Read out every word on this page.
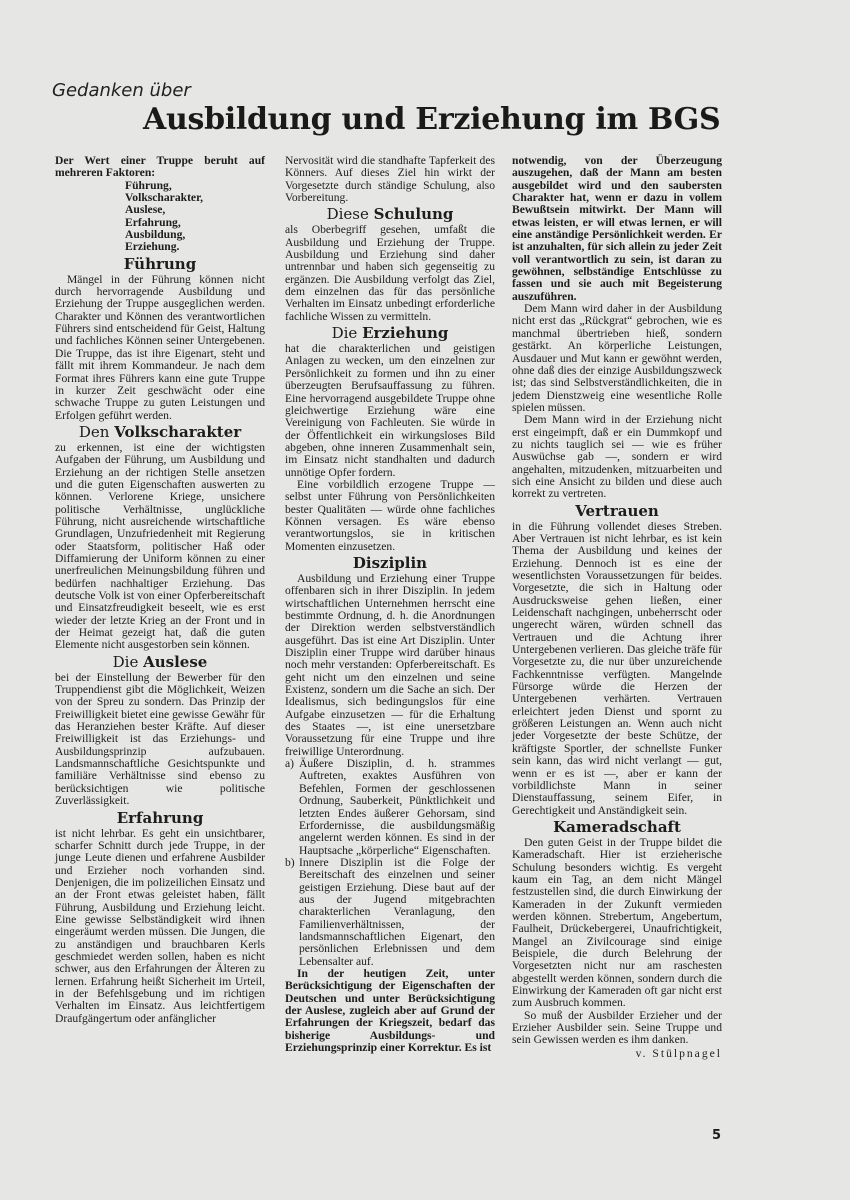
Gedanken über
Ausbildung und Erziehung im BGS

Der Wert einer Truppe beruht auf mehreren Faktoren:

Führung,
Volkscharakter,
Auslese,
Erfahrung,
Ausbildung,
Erziehung.
Führung

Mängel in der Führung können nicht durch hervorragende Ausbildung und Erziehung der Truppe ausgeglichen werden. Charakter und Können des verantwortlichen Führers sind entscheidend für Geist, Haltung und fachliches Können seiner Untergebenen. Die Truppe, das ist ihre Eigenart, steht und fällt mit ihrem Kommandeur. Je nach dem Format ihres Führers kann eine gute Truppe in kurzer Zeit geschwächt oder eine schwache Truppe zu guten Leistungen und Erfolgen geführt werden.

Den Volkscharakter

zu erkennen, ist eine der wichtigsten Aufgaben der Führung, um Ausbildung und Erziehung an der richtigen Stelle ansetzen und die guten Eigenschaften auswerten zu können. Verlorene Kriege, unsichere politische Verhältnisse, unglückliche Führung, nicht ausreichende wirtschaftliche Grundlagen, Unzufriedenheit mit Regierung oder Staatsform, politischer Haß oder Diffamierung der Uniform können zu einer unerfreulichen Meinungsbildung führen und bedürfen nachhaltiger Erziehung. Das deutsche Volk ist von einer Opferbereitschaft und Einsatzfreudigkeit beseelt, wie es erst wieder der letzte Krieg an der Front und in der Heimat gezeigt hat, daß die guten Elemente nicht ausgestorben sein können.

Die Auslese

bei der Einstellung der Bewerber für den Truppendienst gibt die Möglichkeit, Weizen von der Spreu zu sondern. Das Prinzip der Freiwilligkeit bietet eine gewisse Gewähr für das Heranziehen bester Kräfte. Auf dieser Freiwilligkeit ist das Erziehungs- und Ausbildungsprinzip aufzubauen. Landsmannschaftliche Gesichtspunkte und familiäre Verhältnisse sind ebenso zu berücksichtigen wie politische Zuverlässigkeit.

Erfahrung

ist nicht lehrbar. Es geht ein unsichtbarer, scharfer Schnitt durch jede Truppe, in der junge Leute dienen und erfahrene Ausbilder und Erzieher noch vorhanden sind. Denjenigen, die im polizeilichen Einsatz und an der Front etwas geleistet haben, fällt Führung, Ausbildung und Erziehung leicht. Eine gewisse Selbständigkeit wird ihnen eingeräumt werden müssen. Die Jungen, die zu anständigen und brauchbaren Kerls geschmiedet werden sollen, haben es nicht schwer, aus den Erfahrungen der Älteren zu lernen. Erfahrung heißt Sicherheit im Urteil, in der Befehlsgebung und im richtigen Verhalten im Einsatz. Aus leichtfertigem Draufgängertum oder anfänglicher

Nervosität wird die standhafte Tapferkeit des Könners. Auf dieses Ziel hin wirkt der Vorgesetzte durch ständige Schulung, also Vorbereitung.

Diese Schulung

als Oberbegriff gesehen, umfaßt die Ausbildung und Erziehung der Truppe. Ausbildung und Erziehung sind daher untrennbar und haben sich gegenseitig zu ergänzen. Die Ausbildung verfolgt das Ziel, dem einzelnen das für das persönliche Verhalten im Einsatz unbedingt erforderliche fachliche Wissen zu vermitteln.

Die Erziehung

hat die charakterlichen und geistigen Anlagen zu wecken, um den einzelnen zur Persönlichkeit zu formen und ihn zu einer überzeugten Berufsauffassung zu führen. Eine hervorragend ausgebildete Truppe ohne gleichwertige Erziehung wäre eine Vereinigung von Fachleuten. Sie würde in der Öffentlichkeit ein wirkungsloses Bild abgeben, ohne inneren Zusammenhalt sein, im Einsatz nicht standhalten und dadurch unnötige Opfer fordern.

Eine vorbildlich erzogene Truppe — selbst unter Führung von Persönlichkeiten bester Qualitäten — würde ohne fachliches Können versagen. Es wäre ebenso verantwortungslos, sie in kritischen Momenten einzusetzen.

Disziplin

Ausbildung und Erziehung einer Truppe offenbaren sich in ihrer Disziplin. In jedem wirtschaftlichen Unternehmen herrscht eine bestimmte Ordnung, d. h. die Anordnungen der Direktion werden selbstverständlich ausgeführt. Das ist eine Art Disziplin. Unter Disziplin einer Truppe wird darüber hinaus noch mehr verstanden: Opferbereitschaft. Es geht nicht um den einzelnen und seine Existenz, sondern um die Sache an sich. Der Idealismus, sich bedingungslos für eine Aufgabe einzusetzen — für die Erhaltung des Staates —, ist eine unersetzbare Voraussetzung für eine Truppe und ihre freiwillige Unterordnung.

a) Äußere Disziplin, d. h. strammes Auftreten, exaktes Ausführen von Befehlen, Formen der geschlossenen Ordnung, Sauberkeit, Pünktlichkeit und letzten Endes äußerer Gehorsam, sind Erfordernisse, die ausbildungsmäßig angelernt werden können. Es sind in der Hauptsache „körperliche“ Eigenschaften.
b) Innere Disziplin ist die Folge der Bereitschaft des einzelnen und seiner geistigen Erziehung. Diese baut auf der aus der Jugend mitgebrachten charakterlichen Veranlagung, den Familienverhältnissen, der landsmannschaftlichen Eigenart, den persönlichen Erlebnissen und dem Lebensalter auf.

In der heutigen Zeit, unter Berücksichtigung der Eigenschaften der Deutschen und unter Berücksichtigung der Auslese, zugleich aber auf Grund der Erfahrungen der Kriegszeit, bedarf das bisherige Ausbildungs- und Erziehungsprinzip einer Korrektur. Es ist

notwendig, von der Überzeugung auszugehen, daß der Mann am besten ausgebildet wird und den saubersten Charakter hat, wenn er dazu in vollem Bewußtsein mitwirkt. Der Mann will etwas leisten, er will etwas lernen, er will eine anständige Persönlichkeit werden. Er ist anzuhalten, für sich allein zu jeder Zeit voll verantwortlich zu sein, ist daran zu gewöhnen, selbständige Entschlüsse zu fassen und sie auch mit Begeisterung auszuführen.

Dem Mann wird daher in der Ausbildung nicht erst das „Rückgrat“ gebrochen, wie es manchmal übertrieben hieß, sondern gestärkt. An körperliche Leistungen, Ausdauer und Mut kann er gewöhnt werden, ohne daß dies der einzige Ausbildungszweck ist; das sind Selbstverständlichkeiten, die in jedem Dienstzweig eine wesentliche Rolle spielen müssen.

Dem Mann wird in der Erziehung nicht erst eingeimpft, daß er ein Dummkopf und zu nichts tauglich sei — wie es früher Auswüchse gab —, sondern er wird angehalten, mitzudenken, mitzuarbeiten und sich eine Ansicht zu bilden und diese auch korrekt zu vertreten.

Vertrauen

in die Führung vollendet dieses Streben. Aber Vertrauen ist nicht lehrbar, es ist kein Thema der Ausbildung und keines der Erziehung. Dennoch ist es eine der wesentlichsten Voraussetzungen für beides. Vorgesetzte, die sich in Haltung oder Ausdrucksweise gehen ließen, einer Leidenschaft nachgingen, unbeherrscht oder ungerecht wären, würden schnell das Vertrauen und die Achtung ihrer Untergebenen verlieren. Das gleiche träfe für Vorgesetzte zu, die nur über unzureichende Fachkenntnisse verfügten. Mangelnde Fürsorge würde die Herzen der Untergebenen verhärten. Vertrauen erleichtert jeden Dienst und spornt zu größeren Leistungen an. Wenn auch nicht jeder Vorgesetzte der beste Schütze, der kräftigste Sportler, der schnellste Funker sein kann, das wird nicht verlangt — gut, wenn er es ist —, aber er kann der vorbildlichste Mann in seiner Dienstauffassung, seinem Eifer, in Gerechtigkeit und Anständigkeit sein.

Kameradschaft

Den guten Geist in der Truppe bildet die Kameradschaft. Hier ist erzieherische Schulung besonders wichtig. Es vergeht kaum ein Tag, an dem nicht Mängel festzustellen sind, die durch Einwirkung der Kameraden in der Zukunft vermieden werden können. Strebertum, Angebertum, Faulheit, Drückebergerei, Unaufrichtigkeit, Mangel an Zivilcourage sind einige Beispiele, die durch Belehrung der Vorgesetzten nicht nur am raschesten abgestellt werden können, sondern durch die Einwirkung der Kameraden oft gar nicht erst zum Ausbruch kommen.

So muß der Ausbilder Erzieher und der Erzieher Ausbilder sein. Seine Truppe und sein Gewissen werden es ihm danken.

v. Stülpnagel
5
